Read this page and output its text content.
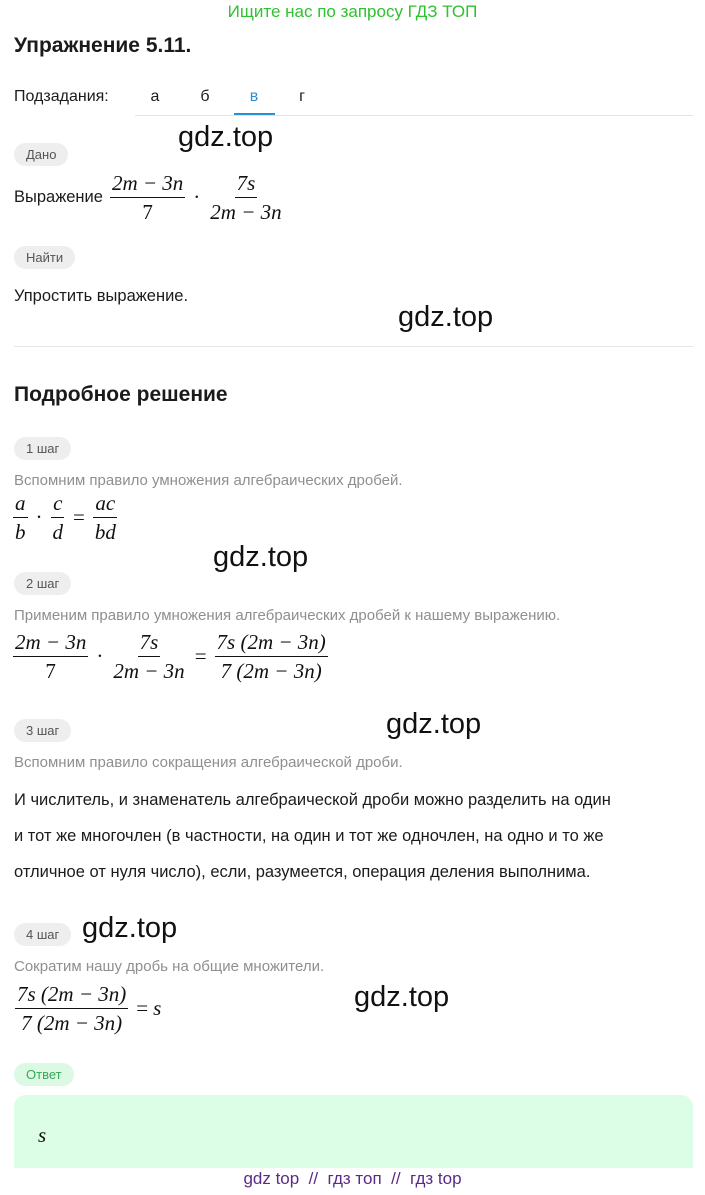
Ищите нас по запросу ГДЗ ТОП
Упражнение 5.11.
Подзадания:	а	б	в	г
gdz.top
Дано
Выражение $\frac{2m - 3n}{7} \cdot \frac{7s}{2m - 3n}$
Найти
Упростить выражение.
gdz.top
Подробное решение
1 шаг
Вспомним правило умножения алгебраических дробей.
$\frac{a}{b} \cdot \frac{c}{d} = \frac{ac}{bd}$
gdz.top
2 шаг
Применим правило умножения алгебраических дробей к нашему выражению.
$\frac{2m - 3n}{7} \cdot \frac{7s}{2m - 3n} = \frac{7s (2m - 3n)}{7 (2m - 3n)}$
gdz.top
3 шаг
Вспомним правило сокращения алгебраической дроби.
И числитель, и знаменатель алгебраической дроби можно разделить на один
и тот же многочлен (в частности, на один и тот же одночлен, на одно и то же
отличное от нуля число), если, разумеется, операция деления выполнима.
4 шаг gdz.top
Сократим нашу дробь на общие множители.
$\frac{7s (2m - 3n)}{7 (2m - 3n)} = s$	gdz.top
Ответ
s
gdz top  //  гдз топ  //  гдз top
